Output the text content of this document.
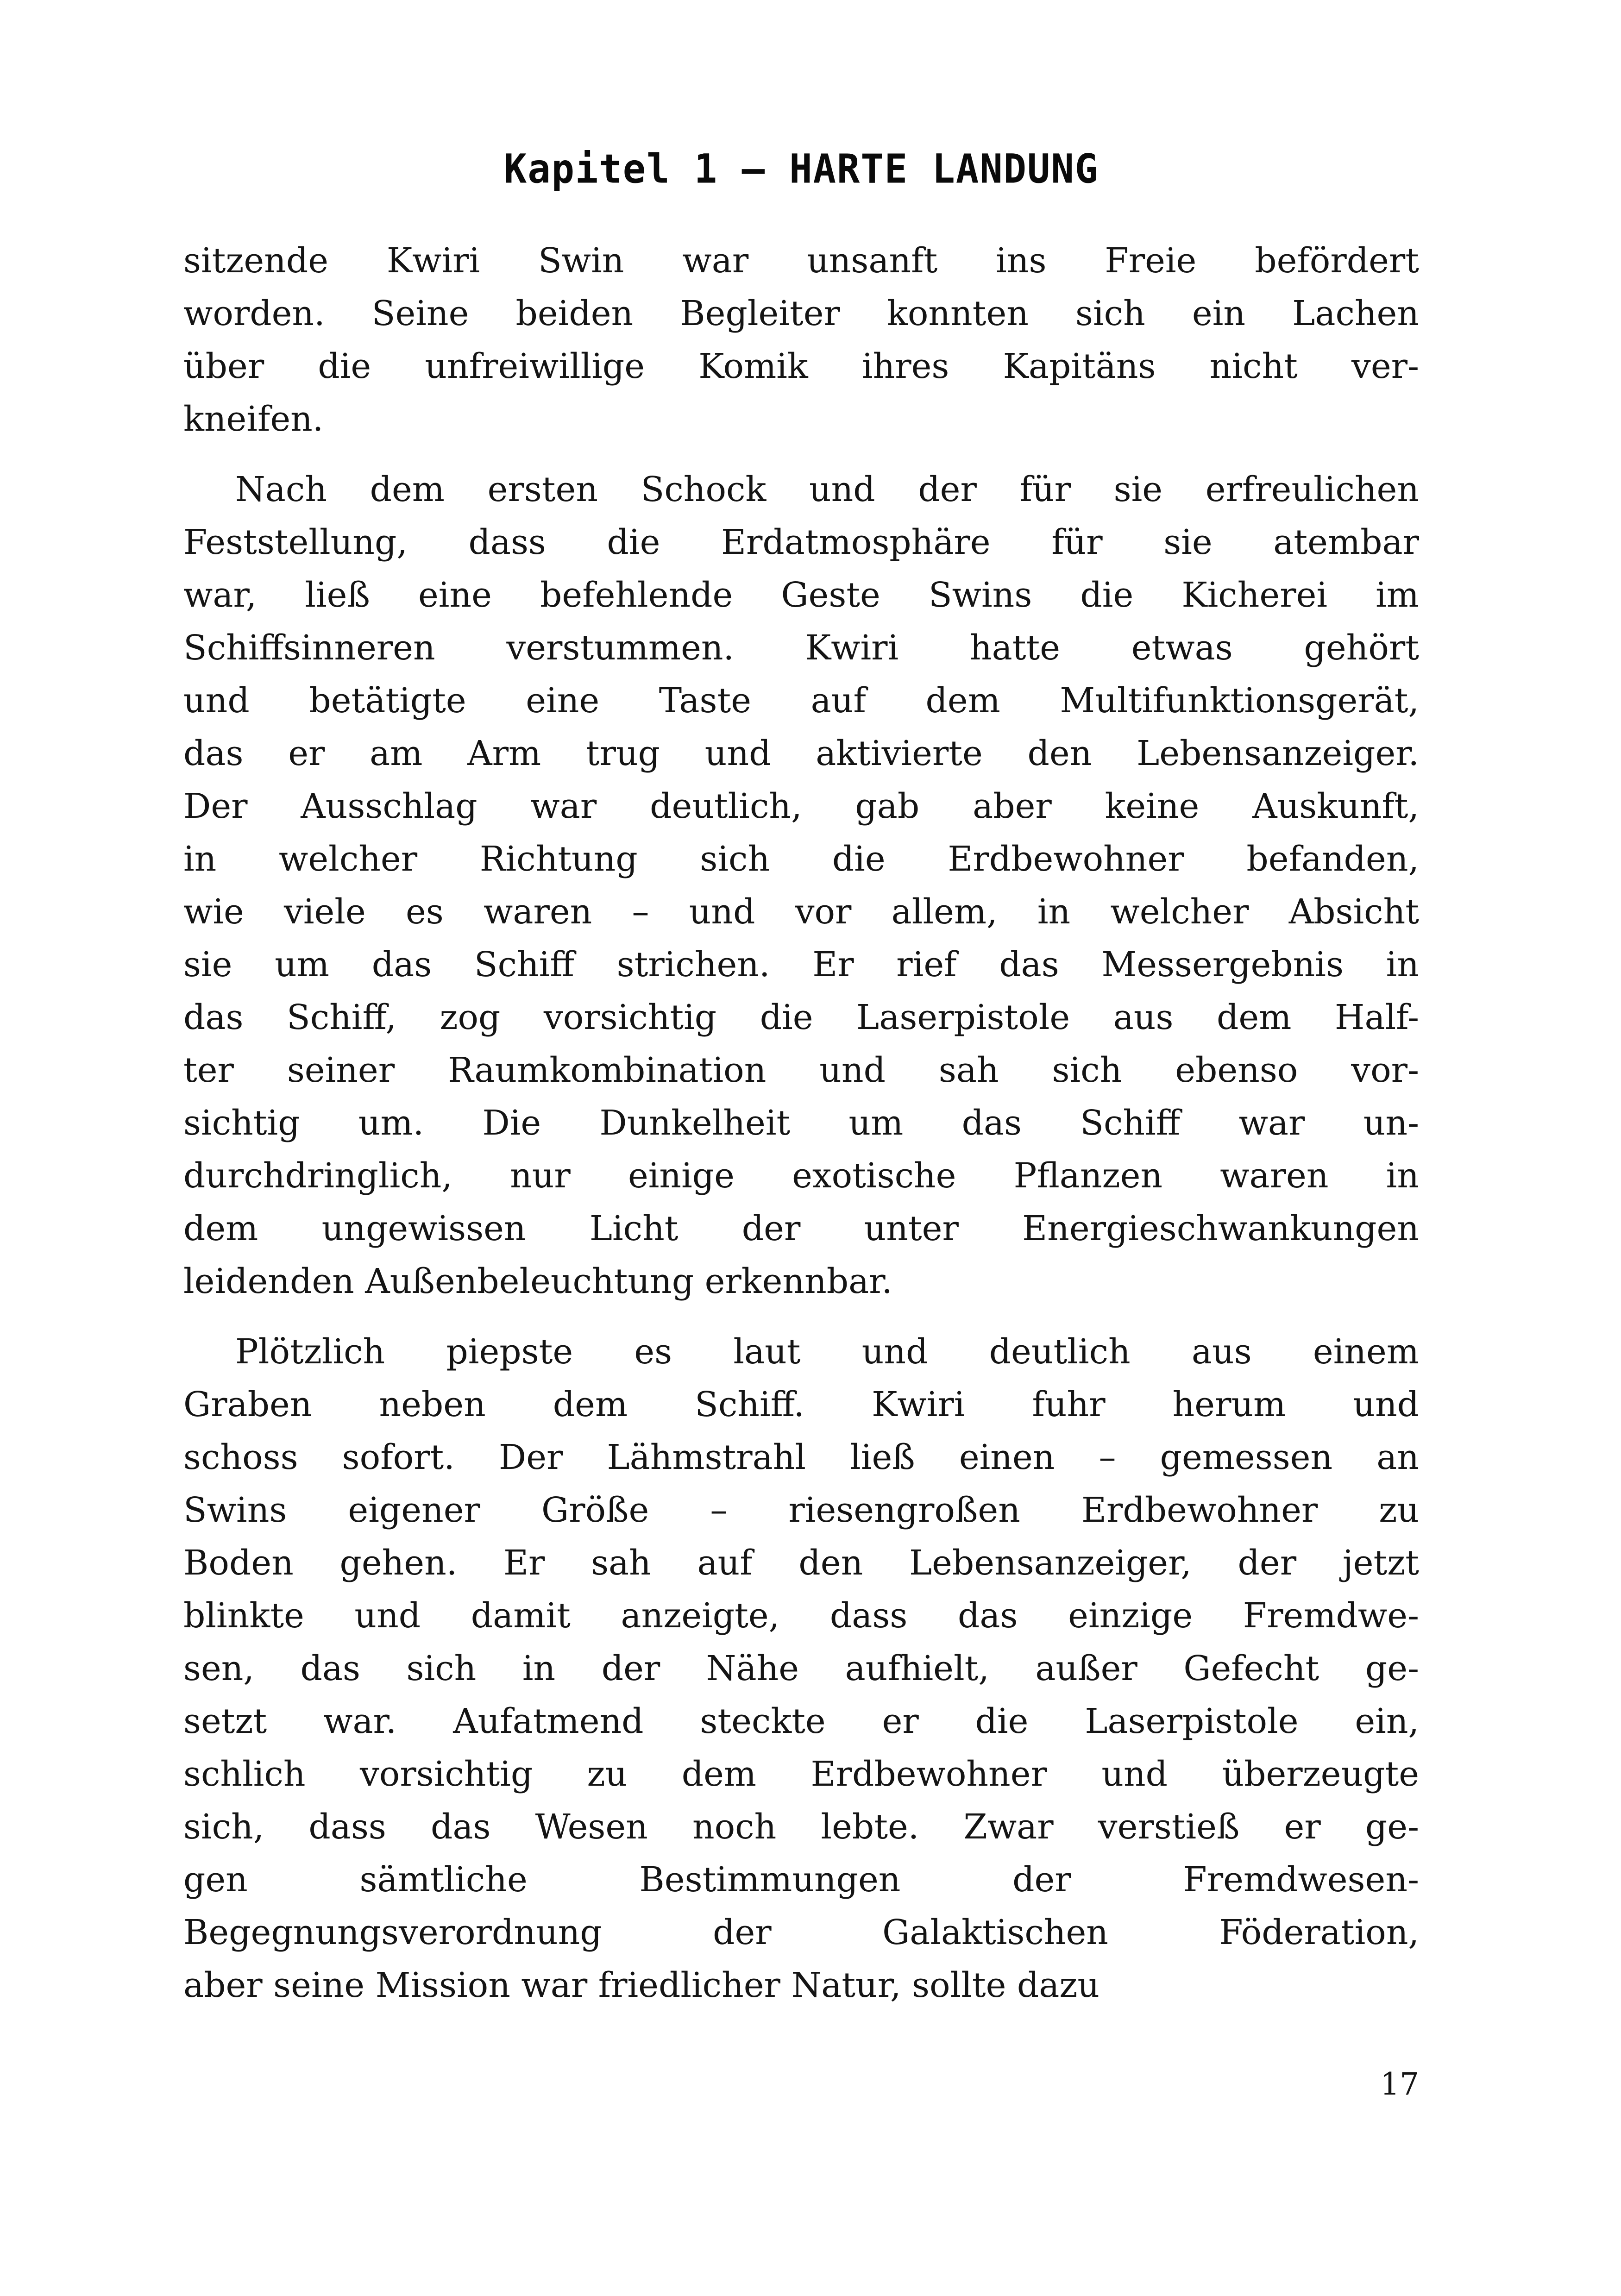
Kapitel 1 – HARTE LANDUNG
sitzende Kwiri Swin war unsanft ins Freie befördert
worden. Seine beiden Begleiter konnten sich ein Lachen
über die unfreiwillige Komik ihres Kapitäns nicht ver-
kneifen.
Nach dem ersten Schock und der für sie erfreulichen
Feststellung, dass die Erdatmosphäre für sie atembar
war, ließ eine befehlende Geste Swins die Kicherei im
Schiffsinneren verstummen. Kwiri hatte etwas gehört
und betätigte eine Taste auf dem Multifunktionsgerät,
das er am Arm trug und aktivierte den Lebensanzeiger.
Der Ausschlag war deutlich, gab aber keine Auskunft,
in welcher Richtung sich die Erdbewohner befanden,
wie viele es waren – und vor allem, in welcher Absicht
sie um das Schiff strichen. Er rief das Messergebnis in
das Schiff, zog vorsichtig die Laserpistole aus dem Half-
ter seiner Raumkombination und sah sich ebenso vor-
sichtig um. Die Dunkelheit um das Schiff war un-
durchdringlich, nur einige exotische Pflanzen waren in
dem ungewissen Licht der unter Energieschwankungen
leidenden Außenbeleuchtung erkennbar.
Plötzlich piepste es laut und deutlich aus einem
Graben neben dem Schiff. Kwiri fuhr herum und
schoss sofort. Der Lähmstrahl ließ einen – gemessen an
Swins eigener Größe – riesengroßen Erdbewohner zu
Boden gehen. Er sah auf den Lebensanzeiger, der jetzt
blinkte und damit anzeigte, dass das einzige Fremdwe-
sen, das sich in der Nähe aufhielt, außer Gefecht ge-
setzt war. Aufatmend steckte er die Laserpistole ein,
schlich vorsichtig zu dem Erdbewohner und überzeugte
sich, dass das Wesen noch lebte. Zwar verstieß er ge-
gen sämtliche Bestimmungen der Fremdwesen-
Begegnungsverordnung der Galaktischen Föderation,
aber seine Mission war friedlicher Natur, sollte dazu
17
